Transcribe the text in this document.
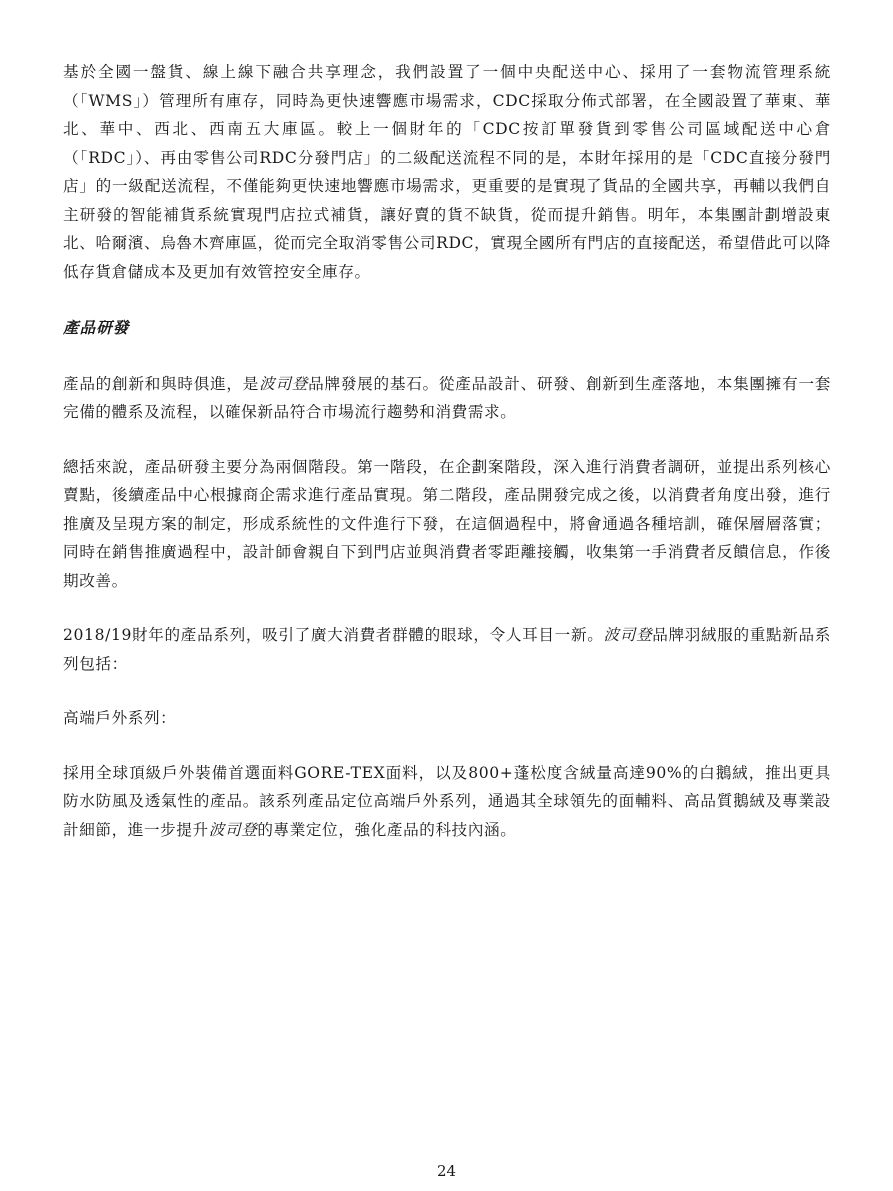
基於全國一盤貨、線上線下融合共享理念，我們設置了一個中央配送中心、採用了一套物流管理系統（「WMS」）管理所有庫存，同時為更快速響應市場需求，CDC採取分佈式部署，在全國設置了華東、華北、華中、西北、西南五大庫區。較上一個財年的「CDC按訂單發貨到零售公司區域配送中心倉（「RDC」）、再由零售公司RDC分發門店」的二級配送流程不同的是，本財年採用的是「CDC直接分發門店」的一級配送流程，不僅能夠更快速地響應市場需求，更重要的是實現了貨品的全國共享，再輔以我們自主研發的智能補貨系統實現門店拉式補貨，讓好賣的貨不缺貨，從而提升銷售。明年，本集團計劃增設東北、哈爾濱、烏魯木齊庫區，從而完全取消零售公司RDC，實現全國所有門店的直接配送，希望借此可以降低存貨倉儲成本及更加有效管控安全庫存。

產品研發

產品的創新和與時俱進，是波司登品牌發展的基石。從產品設計、研發、創新到生產落地，本集團擁有一套完備的體系及流程，以確保新品符合市場流行趨勢和消費需求。

總括來說，產品研發主要分為兩個階段。第一階段，在企劃案階段，深入進行消費者調研，並提出系列核心賣點，後續產品中心根據商企需求進行產品實現。第二階段，產品開發完成之後，以消費者角度出發，進行推廣及呈現方案的制定，形成系統性的文件進行下發，在這個過程中，將會通過各種培訓，確保層層落實；同時在銷售推廣過程中，設計師會親自下到門店並與消費者零距離接觸，收集第一手消費者反饋信息，作後期改善。

2018/19財年的產品系列，吸引了廣大消費者群體的眼球，令人耳目一新。波司登品牌羽絨服的重點新品系列包括：

高端戶外系列：

採用全球頂級戶外裝備首選面料GORE-TEX面料，以及800+蓬松度含絨量高達90%的白鵝絨，推出更具防水防風及透氣性的產品。該系列產品定位高端戶外系列，通過其全球領先的面輔料、高品質鵝絨及專業設計細節，進一步提升波司登的專業定位，強化產品的科技內涵。

24
